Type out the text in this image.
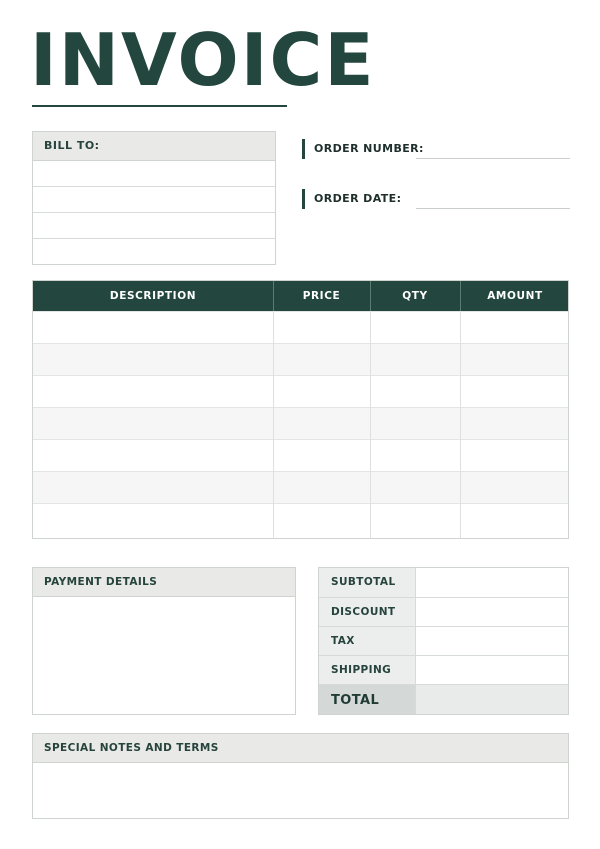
INVOICE
BILL TO:	ORDER NUMBER:
ORDER DATE:
DESCRIPTION	PRICE	QTY	AMOUNT
PAYMENT DETAILS	SUBTOTAL
DISCOUNT
TAX
SHIPPING
TOTAL
SPECIAL NOTES AND TERMS
